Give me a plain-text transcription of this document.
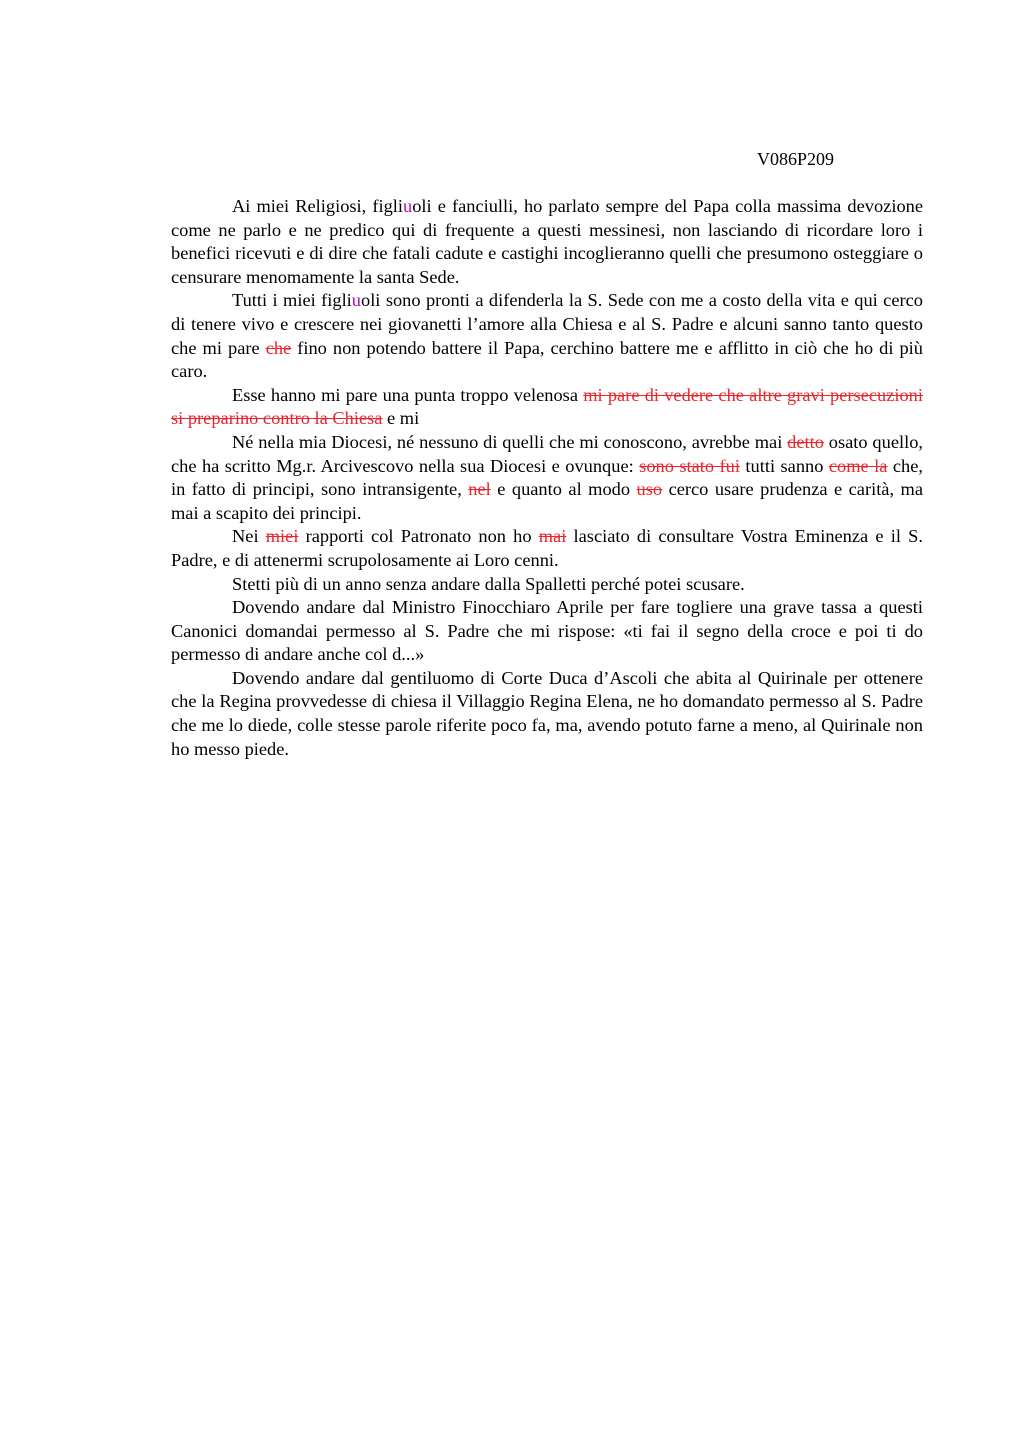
V086P209

Ai miei Religiosi, figliuoli e fanciulli, ho parlato sempre del Papa colla massima devozione come ne parlo e ne predico qui di frequente a questi messinesi, non lasciando di ricordare loro i benefici ricevuti e di dire che fatali cadute e castighi incoglieranno quelli che presumono osteggiare o censurare menomamente la santa Sede.

Tutti i miei figliuoli sono pronti a difenderla la S. Sede con me a costo della vita e qui cerco di tenere vivo e crescere nei giovanetti l’amore alla Chiesa e al S. Padre e alcuni sanno tanto questo che mi pare che fino non potendo battere il Papa, cerchino battere me e afflitto in ciò che ho di più caro.

Esse hanno mi pare una punta troppo velenosa mi pare di vedere che altre gravi persecuzioni si preparino contro la Chiesa e mi

Né nella mia Diocesi, né nessuno di quelli che mi conoscono, avrebbe mai detto osato quello, che ha scritto Mg.r. Arcivescovo nella sua Diocesi e ovunque: sono stato fui tutti sanno come la che, in fatto di principi, sono intransigente, nel e quanto al modo uso cerco usare prudenza e carità, ma mai a scapito dei principi.

Nei miei rapporti col Patronato non ho mai lasciato di consultare Vostra Eminenza e il S. Padre, e di attenermi scrupolosamente ai Loro cenni.

Stetti più di un anno senza andare dalla Spalletti perché potei scusare.

Dovendo andare dal Ministro Finocchiaro Aprile per fare togliere una grave tassa a questi Canonici domandai permesso al S. Padre che mi rispose: «ti fai il segno della croce e poi ti do permesso di andare anche col d...»

Dovendo andare dal gentiluomo di Corte Duca d’Ascoli che abita al Quirinale per ottenere che la Regina provvedesse di chiesa il Villaggio Regina Elena, ne ho domandato permesso al S. Padre che me lo diede, colle stesse parole riferite poco fa, ma, avendo potuto farne a meno, al Quirinale non ho messo piede.
